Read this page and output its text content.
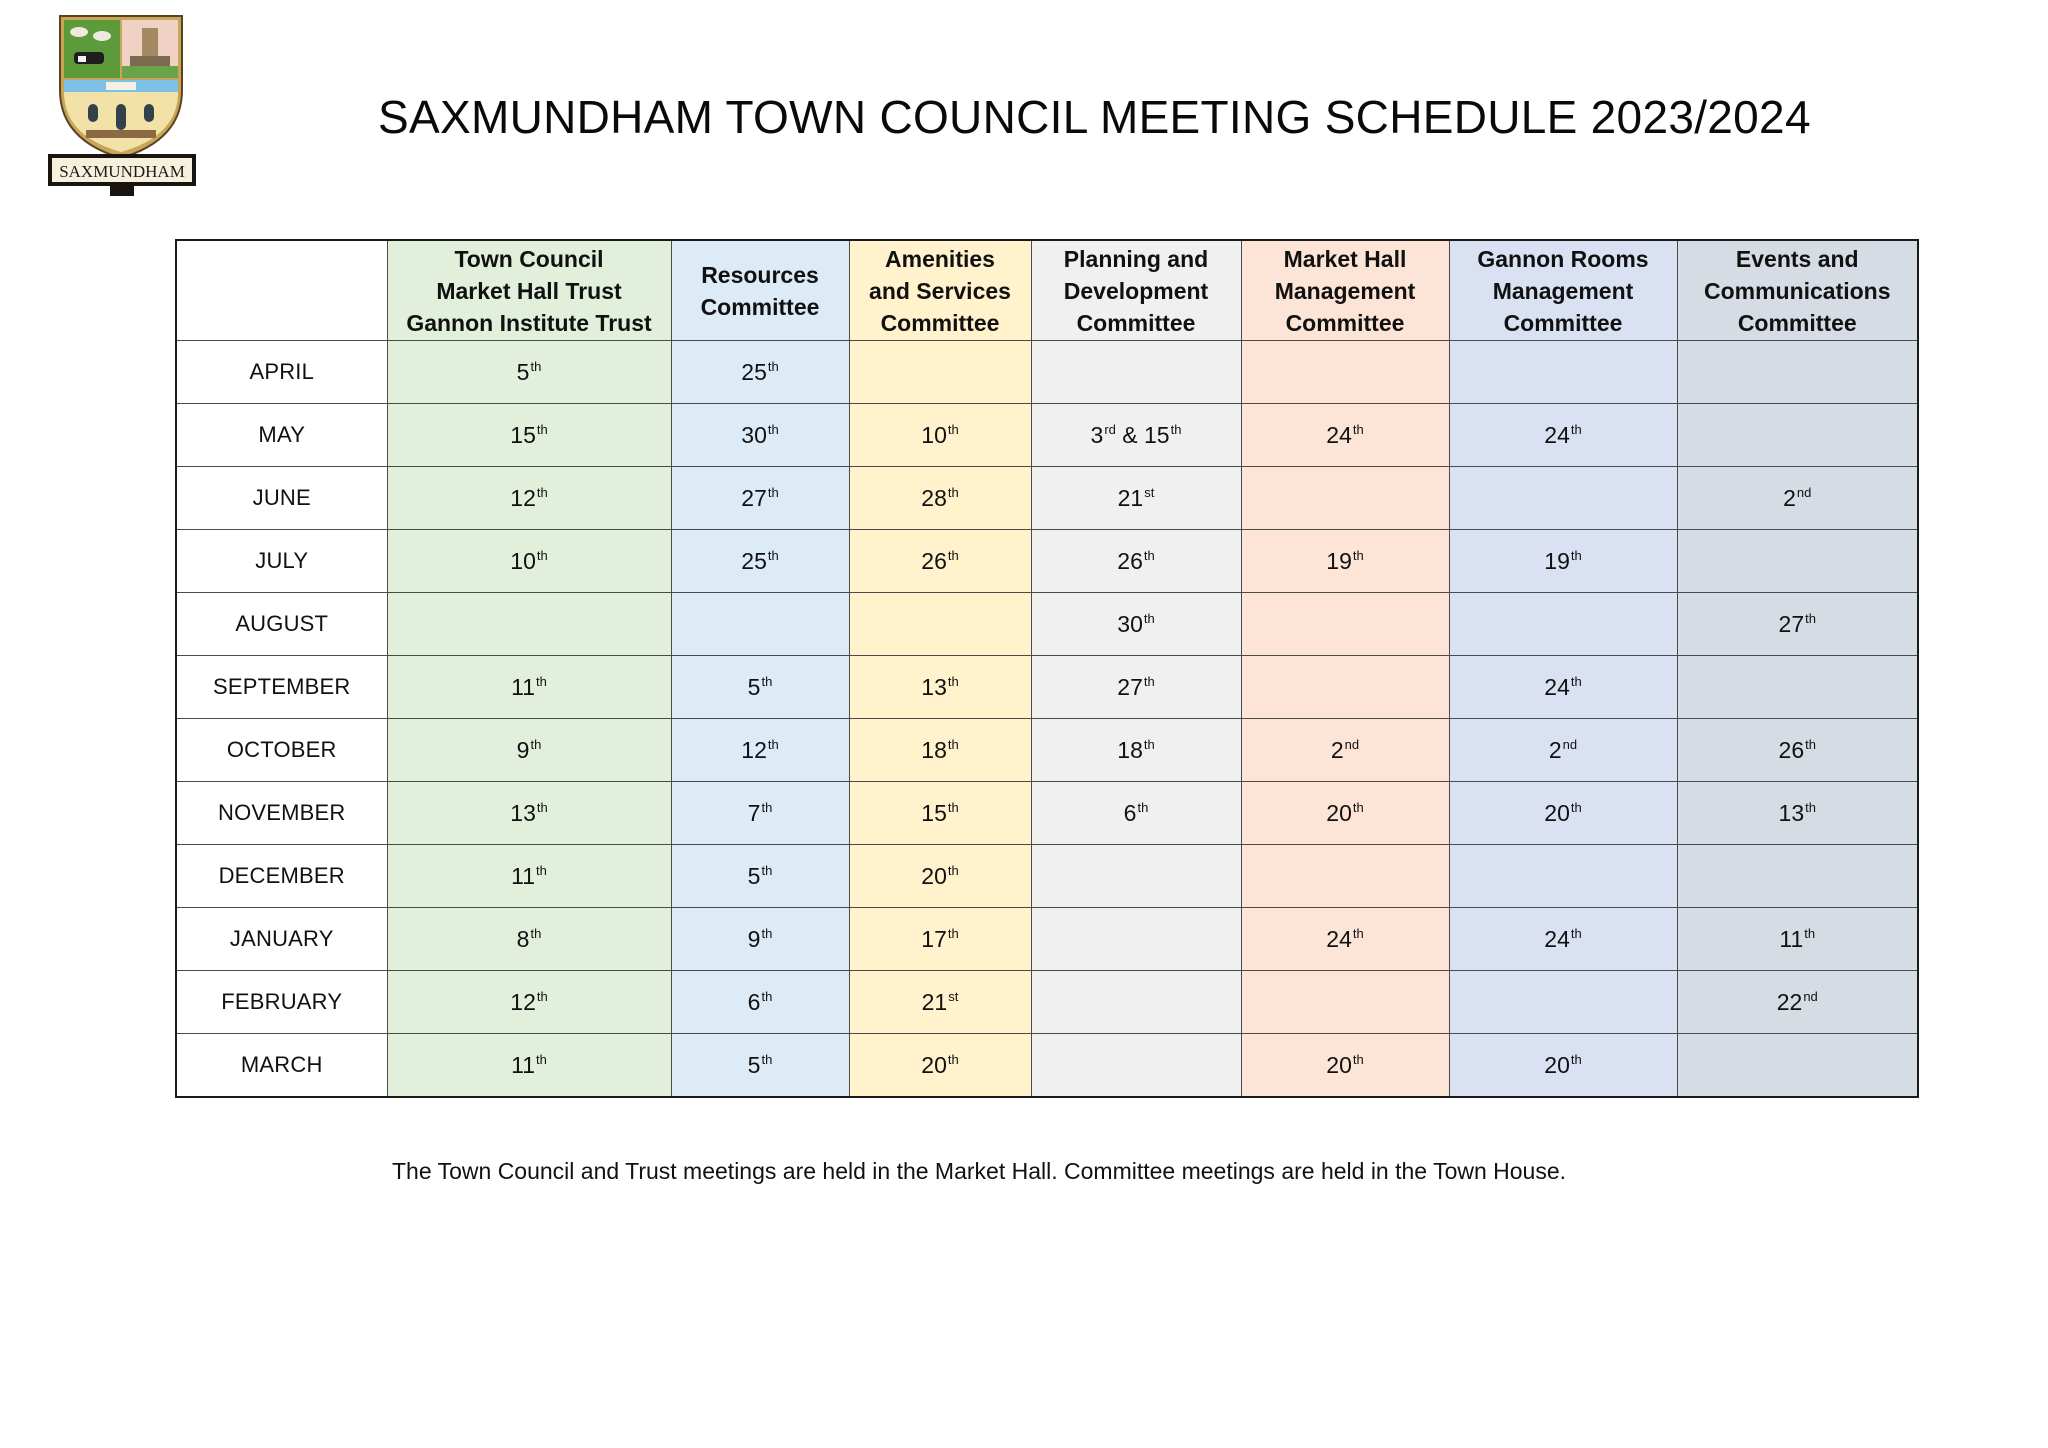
SAXMUNDHAM
SAXMUNDHAM TOWN COUNCIL MEETING SCHEDULE 2023/2024

Town Council
Market Hall Trust
Gannon Institute Trust

Resources
Committee

Amenities
and Services
Committee

Planning and
Development
Committee

Market Hall
Management
Committee

Gannon Rooms
Management
Committee

Events and
Communications
Committee

APRIL	5th	25th					
MAY	15th	30th	10th	3rd & 15th	24th	24th	
JUNE	12th	27th	28th	21st			2nd
JULY	10th	25th	26th	26th	19th	19th	
AUGUST				30th			27th
SEPTEMBER	11th	5th	13th	27th		24th	
OCTOBER	9th	12th	18th	18th	2nd	2nd	26th
NOVEMBER	13th	7th	15th	6th	20th	20th	13th
DECEMBER	11th	5th	20th				
JANUARY	8th	9th	17th		24th	24th	11th
FEBRUARY	12th	6th	21st				22nd
MARCH	11th	5th	20th		20th	20th	
The Town Council and Trust meetings are held in the Market Hall. Committee meetings are held in the Town House.
